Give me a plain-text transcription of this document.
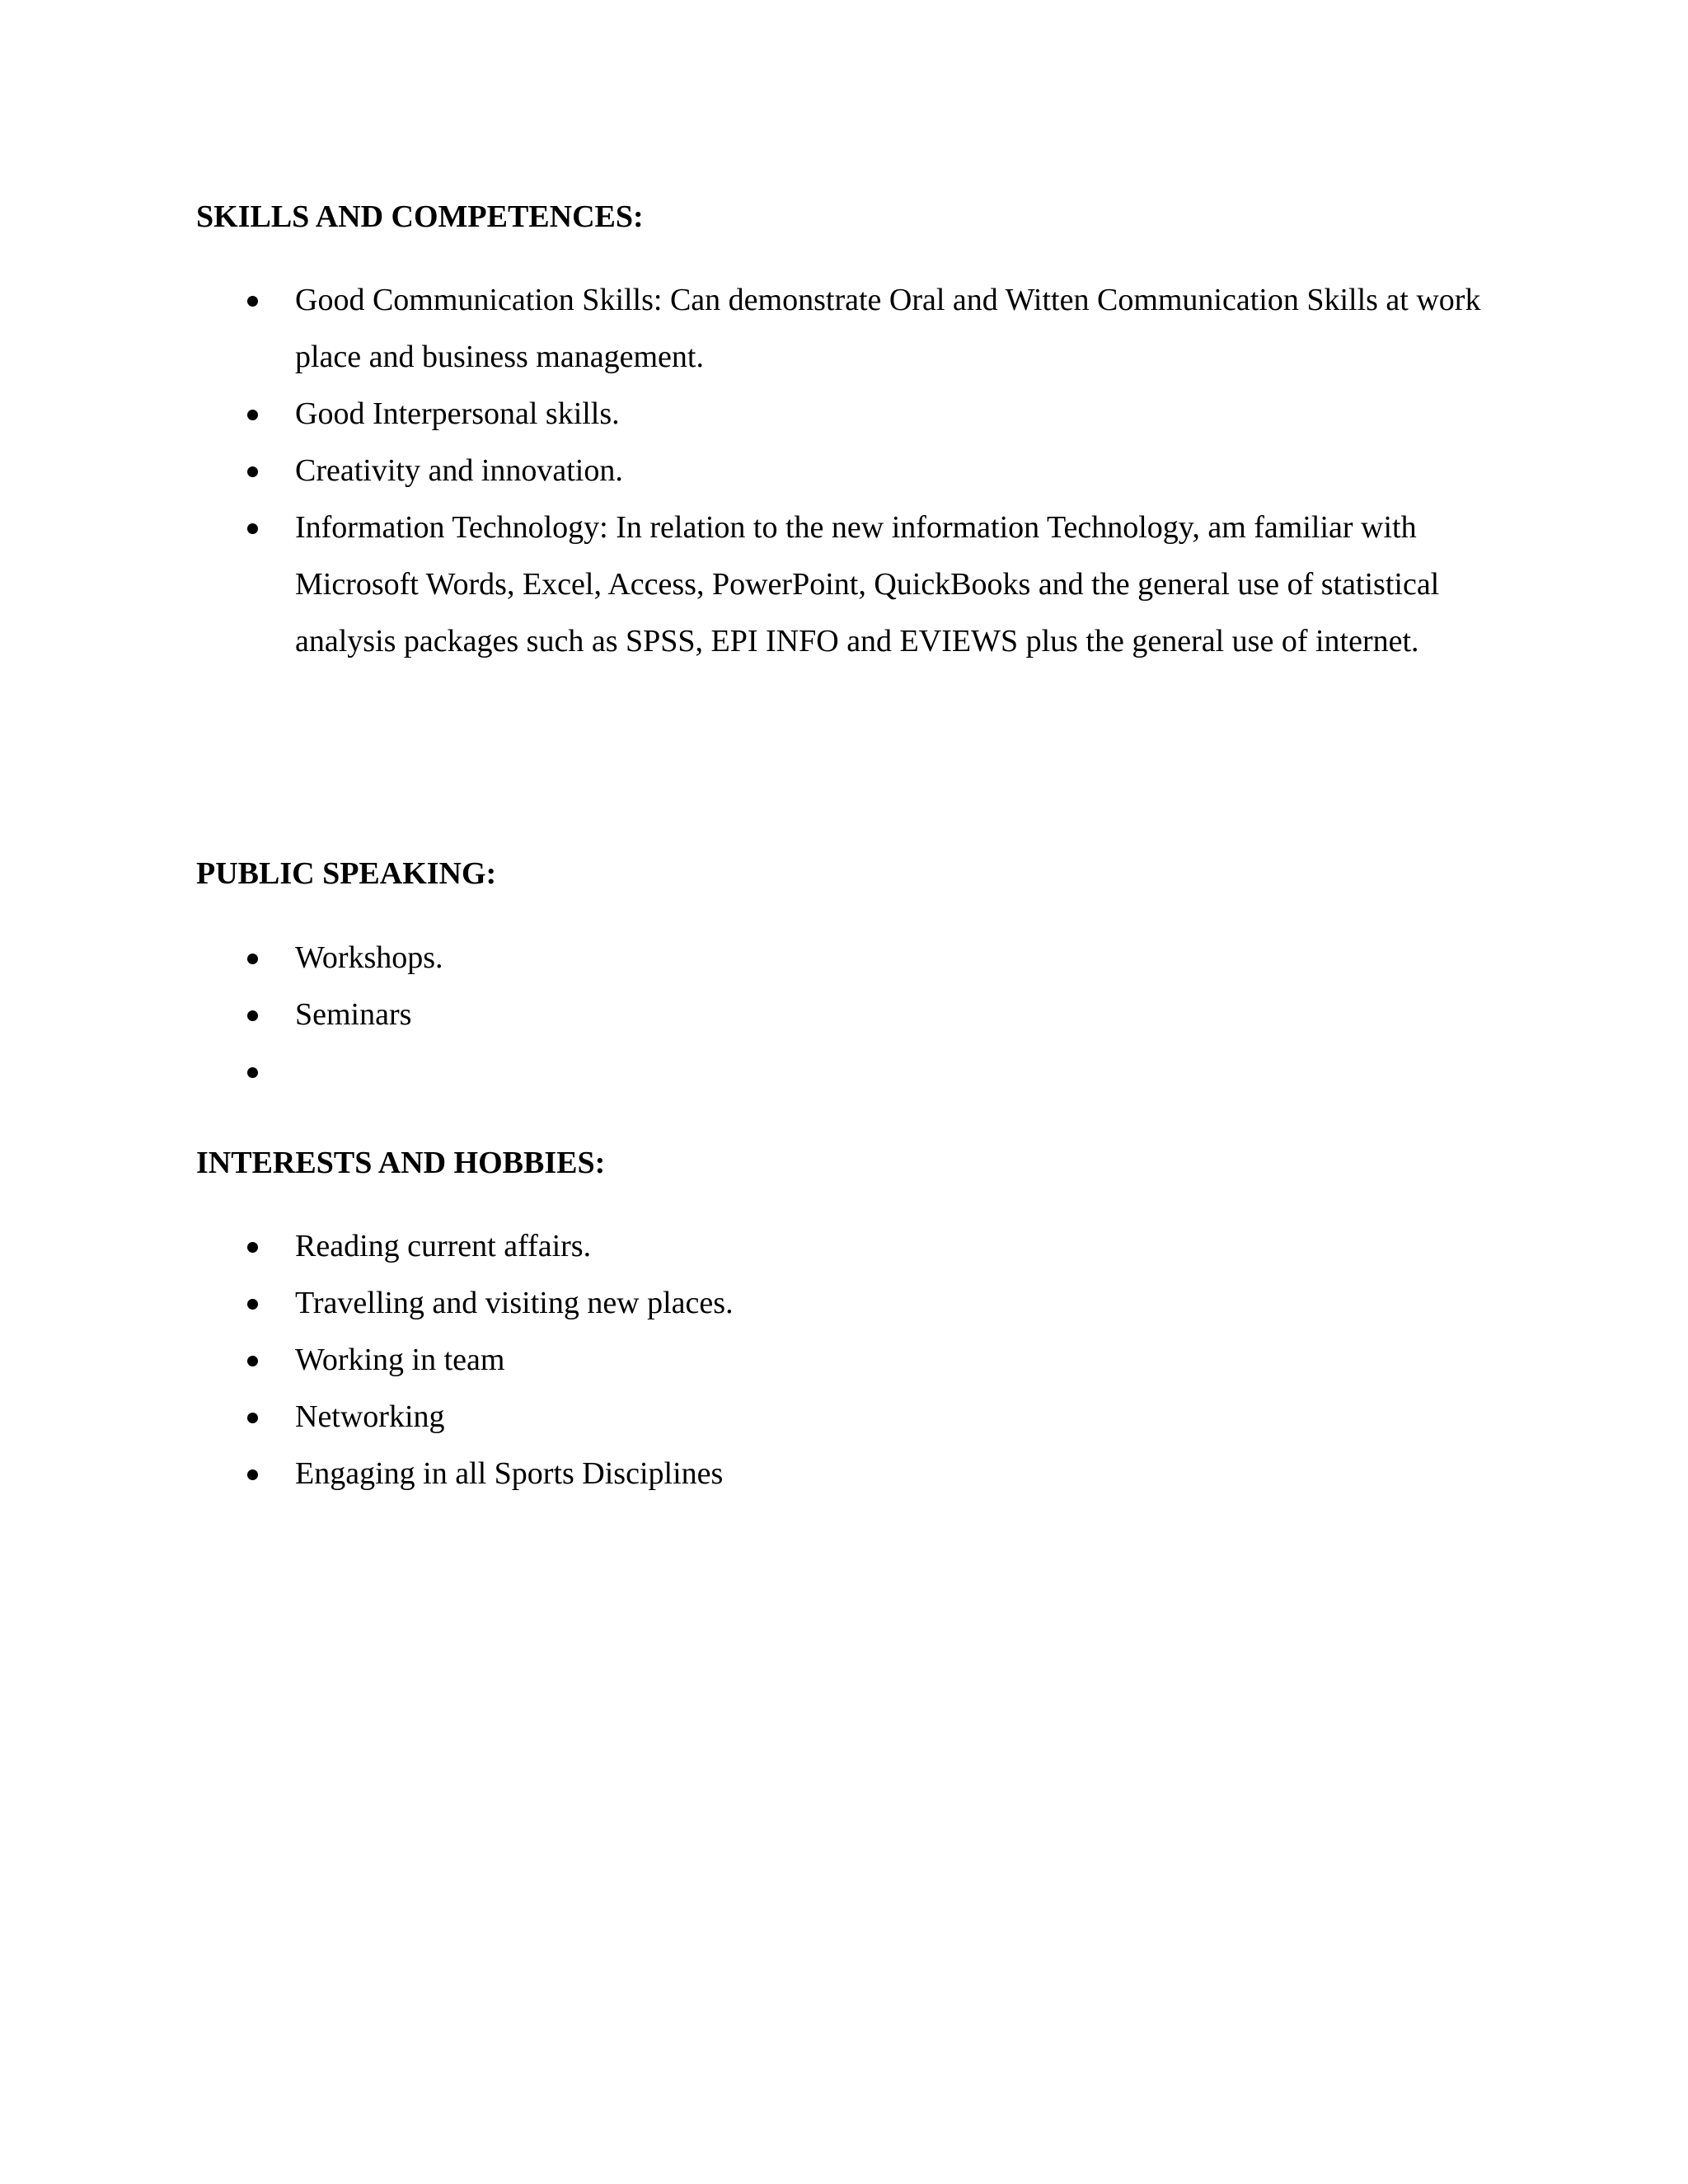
SKILLS AND COMPETENCES:
Good Communication Skills: Can demonstrate Oral and Witten Communication Skills at work place and business management.
Good Interpersonal skills.
Creativity and innovation.
Information Technology: In relation to the new information Technology, am familiar with Microsoft Words, Excel, Access, PowerPoint, QuickBooks and the general use of statistical analysis packages such as SPSS, EPI INFO and EVIEWS plus the general use of internet.
PUBLIC SPEAKING:
Workshops.
Seminars
INTERESTS AND HOBBIES:
Reading current affairs.
Travelling and visiting new places.
Working in team
Networking
Engaging in all Sports Disciplines
